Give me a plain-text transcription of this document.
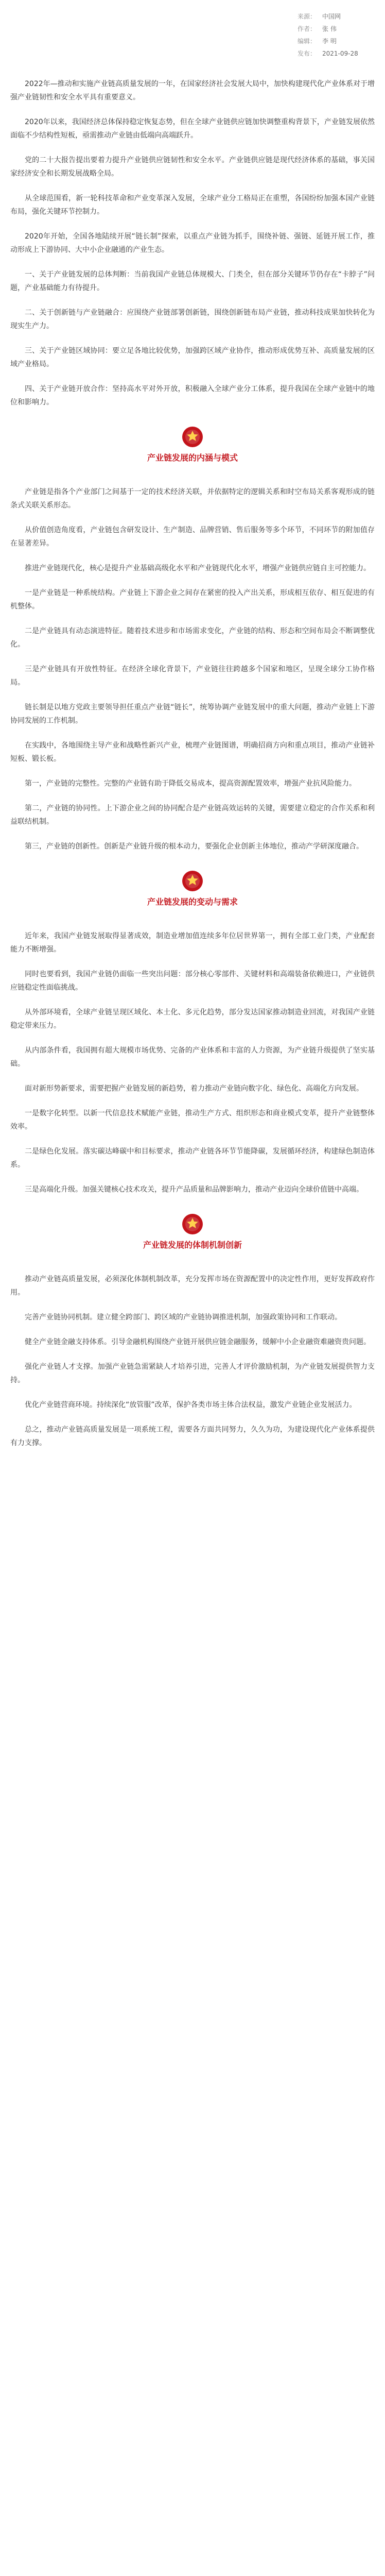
来源： 中国网
作者： 张 伟
编辑： 李 明
发布： 2021-09-28

2022年—推动和实施产业链高质量发展的一年，在国家经济社会发展大局中，加快构建现代化产业体系对于增强产业链韧性和安全水平具有重要意义。

2020年以来，我国经济总体保持稳定恢复态势，但在全球产业链供应链加快调整重构背景下，产业链发展依然面临不少结构性短板，亟需推动产业链由低端向高端跃升。

党的二十大报告提出要着力提升产业链供应链韧性和安全水平。产业链供应链是现代经济体系的基础，事关国家经济安全和长期发展战略全局。

从全球范围看，新一轮科技革命和产业变革深入发展，全球产业分工格局正在重塑，各国纷纷加强本国产业链布局，强化关键环节控制力。

2020年开始，全国各地陆续开展“链长制”探索，以重点产业链为抓手，围绕补链、强链、延链开展工作，推动形成上下游协同、大中小企业融通的产业生态。

一、关于产业链发展的总体判断：当前我国产业链总体规模大、门类全，但在部分关键环节仍存在“卡脖子”问题，产业基础能力有待提升。

二、关于创新链与产业链融合：应围绕产业链部署创新链，围绕创新链布局产业链，推动科技成果加快转化为现实生产力。

三、关于产业链区域协同：要立足各地比较优势，加强跨区域产业协作，推动形成优势互补、高质量发展的区域产业格局。

四、关于产业链开放合作：坚持高水平对外开放，积极融入全球产业分工体系，提升我国在全球产业链中的地位和影响力。

产业链发展的内涵与模式

产业链是指各个产业部门之间基于一定的技术经济关联，并依据特定的逻辑关系和时空布局关系客观形成的链条式关联关系形态。

从价值创造角度看，产业链包含研发设计、生产制造、品牌营销、售后服务等多个环节，不同环节的附加值存在显著差异。

推进产业链现代化，核心是提升产业基础高级化水平和产业链现代化水平，增强产业链供应链自主可控能力。

一是产业链是一种系统结构。产业链上下游企业之间存在紧密的投入产出关系，形成相互依存、相互促进的有机整体。

二是产业链具有动态演进特征。随着技术进步和市场需求变化，产业链的结构、形态和空间布局会不断调整优化。

三是产业链具有开放性特征。在经济全球化背景下，产业链往往跨越多个国家和地区，呈现全球分工协作格局。

链长制是以地方党政主要领导担任重点产业链“链长”，统筹协调产业链发展中的重大问题，推动产业链上下游协同发展的工作机制。

在实践中，各地围绕主导产业和战略性新兴产业，梳理产业链图谱，明确招商方向和重点项目，推动产业链补短板、锻长板。

第一，产业链的完整性。完整的产业链有助于降低交易成本，提高资源配置效率，增强产业抗风险能力。

第二，产业链的协同性。上下游企业之间的协同配合是产业链高效运转的关键，需要建立稳定的合作关系和利益联结机制。

第三，产业链的创新性。创新是产业链升级的根本动力，要强化企业创新主体地位，推动产学研深度融合。

产业链发展的变动与需求

近年来，我国产业链发展取得显著成效，制造业增加值连续多年位居世界第一，拥有全部工业门类，产业配套能力不断增强。

同时也要看到，我国产业链仍面临一些突出问题：部分核心零部件、关键材料和高端装备依赖进口，产业链供应链稳定性面临挑战。

从外部环境看，全球产业链呈现区域化、本土化、多元化趋势，部分发达国家推动制造业回流，对我国产业链稳定带来压力。

从内部条件看，我国拥有超大规模市场优势、完备的产业体系和丰富的人力资源，为产业链升级提供了坚实基础。

面对新形势新要求，需要把握产业链发展的新趋势，着力推动产业链向数字化、绿色化、高端化方向发展。

一是数字化转型。以新一代信息技术赋能产业链，推动生产方式、组织形态和商业模式变革，提升产业链整体效率。

二是绿色化发展。落实碳达峰碳中和目标要求，推动产业链各环节节能降碳，发展循环经济，构建绿色制造体系。

三是高端化升级。加强关键核心技术攻关，提升产品质量和品牌影响力，推动产业迈向全球价值链中高端。

产业链发展的体制机制创新

推动产业链高质量发展，必须深化体制机制改革，充分发挥市场在资源配置中的决定性作用，更好发挥政府作用。

完善产业链协同机制。建立健全跨部门、跨区域的产业链协调推进机制，加强政策协同和工作联动。

健全产业链金融支持体系。引导金融机构围绕产业链开展供应链金融服务，缓解中小企业融资难融资贵问题。

强化产业链人才支撑。加强产业链急需紧缺人才培养引进，完善人才评价激励机制，为产业链发展提供智力支持。

优化产业链营商环境。持续深化“放管服”改革，保护各类市场主体合法权益，激发产业链企业发展活力。

总之，推动产业链高质量发展是一项系统工程，需要各方面共同努力，久久为功，为建设现代化产业体系提供有力支撑。
